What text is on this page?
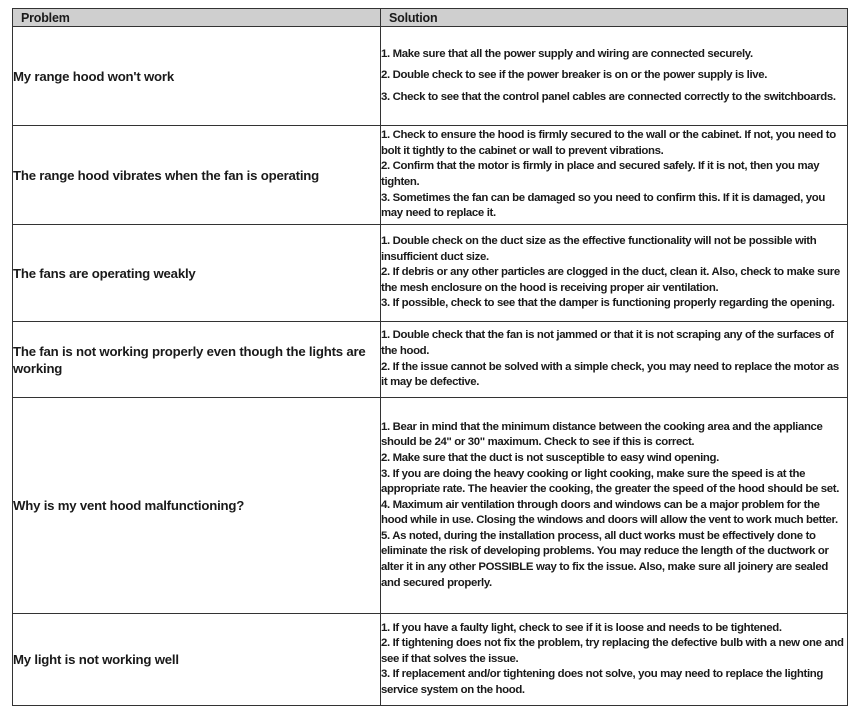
Problem	Solution
My range hood won't work	1. Make sure that all the power supply and wiring are connected securely.
2. Double check to see if the power breaker is on or the power supply is live.
3. Check to see that the control panel cables are connected correctly to the switchboards.

The range hood vibrates when the fan is operating	1. Check to ensure the hood is firmly secured to the wall or the cabinet. If not, you need to bolt it tightly to the cabinet or wall to prevent vibrations.
2. Confirm that the motor is firmly in place and secured safely. If it is not, then you may tighten.
3. Sometimes the fan can be damaged so you need to confirm this. If it is damaged, you may need to replace it.

The fans are operating weakly	1. Double check on the duct size as the effective functionality will not be possible with insufficient duct size.
2. If debris or any other particles are clogged in the duct, clean it. Also, check to make sure the mesh enclosure on the hood is receiving proper air ventilation.
3. If possible, check to see that the damper is functioning properly regarding the opening.

The fan is not working properly even though the lights are working	1. Double check that the fan is not jammed or that it is not scraping any of the surfaces of the hood.
2. If the issue cannot be solved with a simple check, you may need to replace the motor as it may be defective.

Why is my vent hood malfunctioning?	1. Bear in mind that the minimum distance between the cooking area and the appliance should be 24" or 30" maximum. Check to see if this is correct.
2. Make sure that the duct is not susceptible to easy wind opening.
3. If you are doing the heavy cooking or light cooking, make sure the speed is at the appropriate rate. The heavier the cooking, the greater the speed of the hood should be set.
4. Maximum air ventilation through doors and windows can be a major problem for the hood while in use. Closing the windows and doors will allow the vent to work much better.
5. As noted, during the installation process, all duct works must be effectively done to eliminate the risk of developing problems. You may reduce the length of the ductwork or alter it in any other POSSIBLE way to fix the issue. Also, make sure all joinery are sealed and secured properly.

My light is not working well	1. If you have a faulty light, check to see if it is loose and needs to be tightened.
2. If tightening does not fix the problem, try replacing the defective bulb with a new one and see if that solves the issue.
3. If replacement and/or tightening does not solve, you may need to replace the lighting service system on the hood.
